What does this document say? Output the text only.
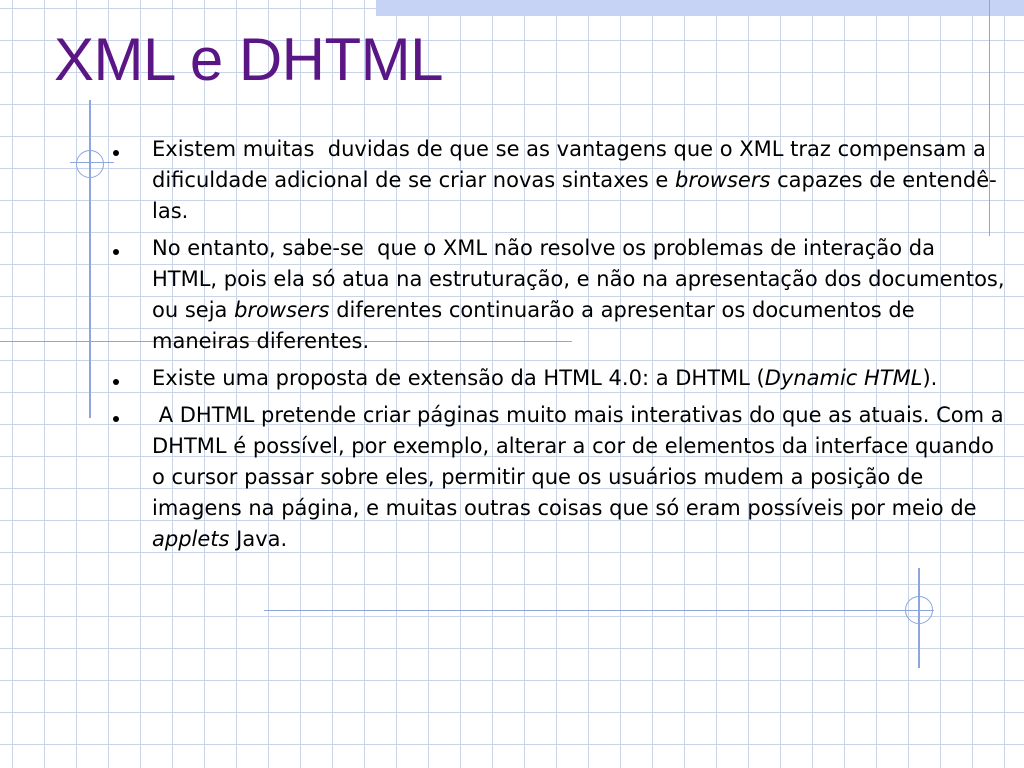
XML e DHTML
Existem muitas  duvidas de que se as vantagens que o XML traz compensam a dificuldade adicional de se criar novas sintaxes e browsers capazes de entendê-las.
No entanto, sabe-se  que o XML não resolve os problemas de interação da HTML, pois ela só atua na estruturação, e não na apresentação dos documentos, ou seja browsers diferentes continuarão a apresentar os documentos de maneiras diferentes.
Existe uma proposta de extensão da HTML 4.0: a DHTML (Dynamic HTML).
A DHTML pretende criar páginas muito mais interativas do que as atuais. Com a DHTML é possível, por exemplo, alterar a cor de elementos da interface quando o cursor passar sobre eles, permitir que os usuários mudem a posição de imagens na página, e muitas outras coisas que só eram possíveis por meio de applets Java.
